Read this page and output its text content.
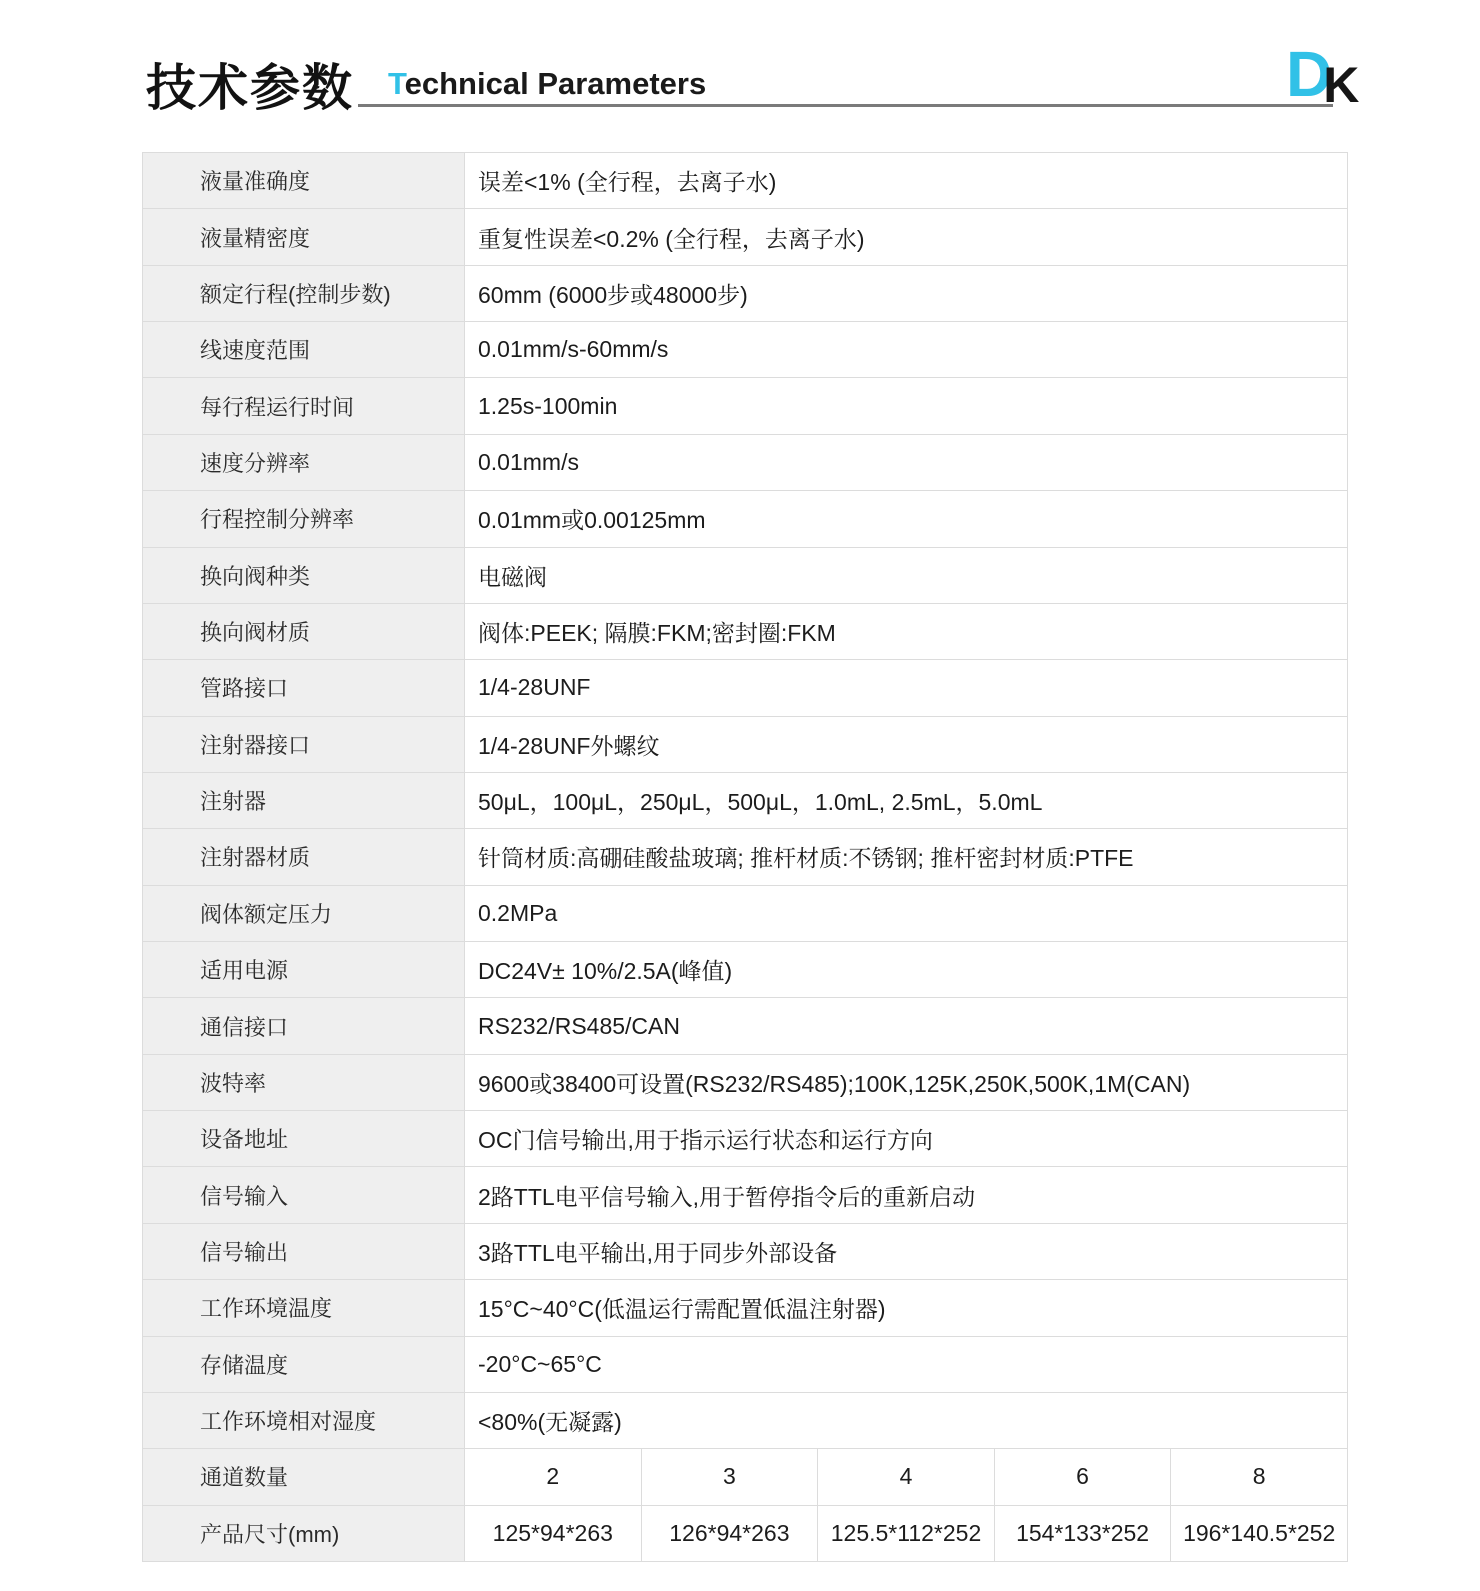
技术参数 Technical Parameters	D
K
液量准确度	误差<1% (全行程，去离子水)
液量精密度	重复性误差<0.2% (全行程，去离子水)
额定行程(控制步数)	60mm (6000步或48000步)
线速度范围	0.01mm/s-60mm/s
每行程运行时间	1.25s-100min
速度分辨率	0.01mm/s
行程控制分辨率	0.01mm或0.00125mm
换向阀种类	电磁阀
换向阀材质	阀体:PEEK; 隔膜:FKM;密封圈:FKM
管路接口	1/4-28UNF
注射器接口	1/4-28UNF外螺纹
注射器	50μL，100μL，250μL，500μL，1.0mL, 2.5mL，5.0mL
注射器材质	针筒材质:高硼硅酸盐玻璃; 推杆材质:不锈钢; 推杆密封材质:PTFE
阀体额定压力	0.2MPa
适用电源	DC24V± 10%/2.5A(峰值)
通信接口	RS232/RS485/CAN
波特率	9600或38400可设置(RS232/RS485);100K,125K,250K,500K,1M(CAN)
设备地址	OC门信号输出,用于指示运行状态和运行方向
信号输入	2路TTL电平信号输入,用于暂停指令后的重新启动
信号输出	3路TTL电平输出,用于同步外部设备
工作环境温度	15°C~40°C(低温运行需配置低温注射器)
存储温度	-20°C~65°C
工作环境相对湿度	<80%(无凝露)
通道数量	2	3	4	6	8
产品尺寸(mm)	125*94*263	126*94*263	125.5*112*252	154*133*252	196*140.5*252
